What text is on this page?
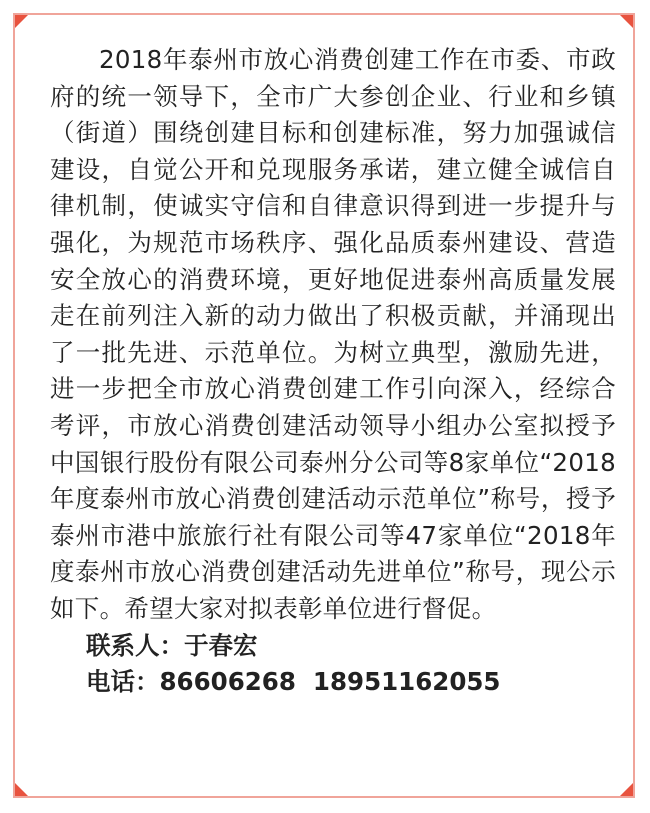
2018年泰州市放心消费创建工作在市委、市政府的统一领导下，全市广大参创企业、行业和乡镇（街道）围绕创建目标和创建标准，努力加强诚信建设，自觉公开和兑现服务承诺，建立健全诚信自律机制，使诚实守信和自律意识得到进一步提升与强化，为规范市场秩序、强化品质泰州建设、营造安全放心的消费环境，更好地促进泰州高质量发展走在前列注入新的动力做出了积极贡献，并涌现出了一批先进、示范单位。为树立典型，激励先进，进一步把全市放心消费创建工作引向深入，经综合考评，市放心消费创建活动领导小组办公室拟授予中国银行股份有限公司泰州分公司等8家单位“2018年度泰州市放心消费创建活动示范单位”称号，授予泰州市港中旅旅行社有限公司等47家单位“2018年度泰州市放心消费创建活动先进单位”称号，现公示如下。希望大家对拟表彰单位进行督促。

联系人：于春宏

电话：86606268  18951162055
